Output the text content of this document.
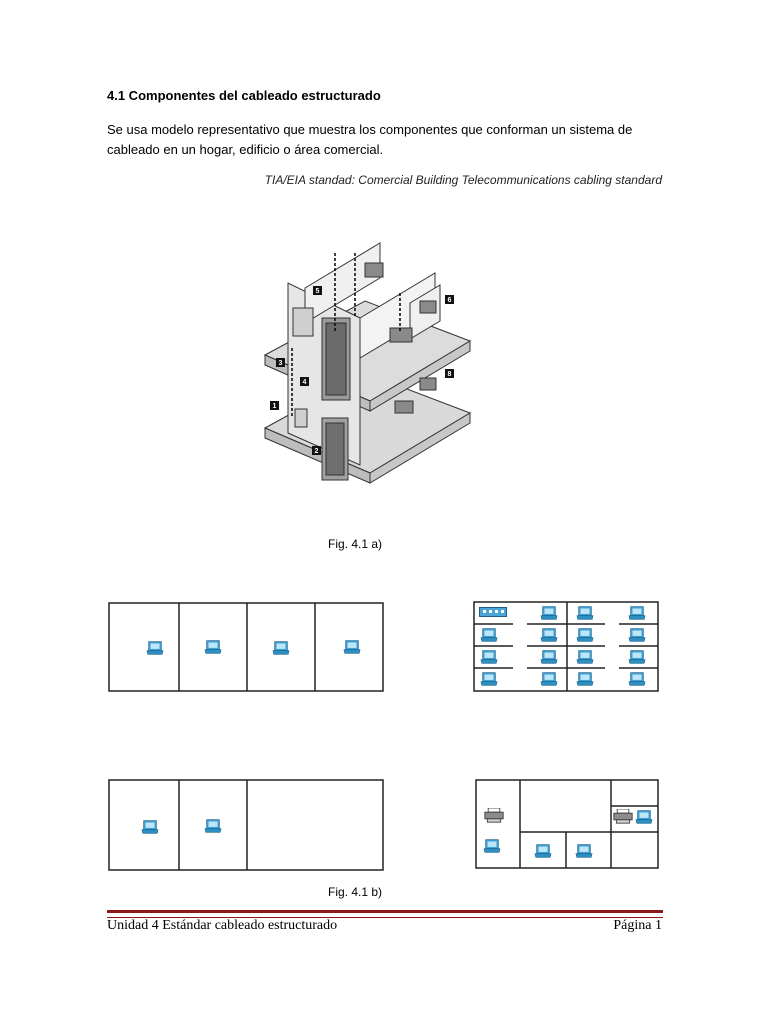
4.1 Componentes del cableado estructurado
Se usa modelo representativo que muestra los componentes que conforman un sistema de cableado en un hogar, edificio o área comercial.
TIA/EIA standad: Comercial Building Telecommunications cabling standard
1
2
3
4
5
6
8
Fig. 4.1 a)
Fig. 4.1 b)
Unidad 4 Estándar cableado estructurado	Página 1
